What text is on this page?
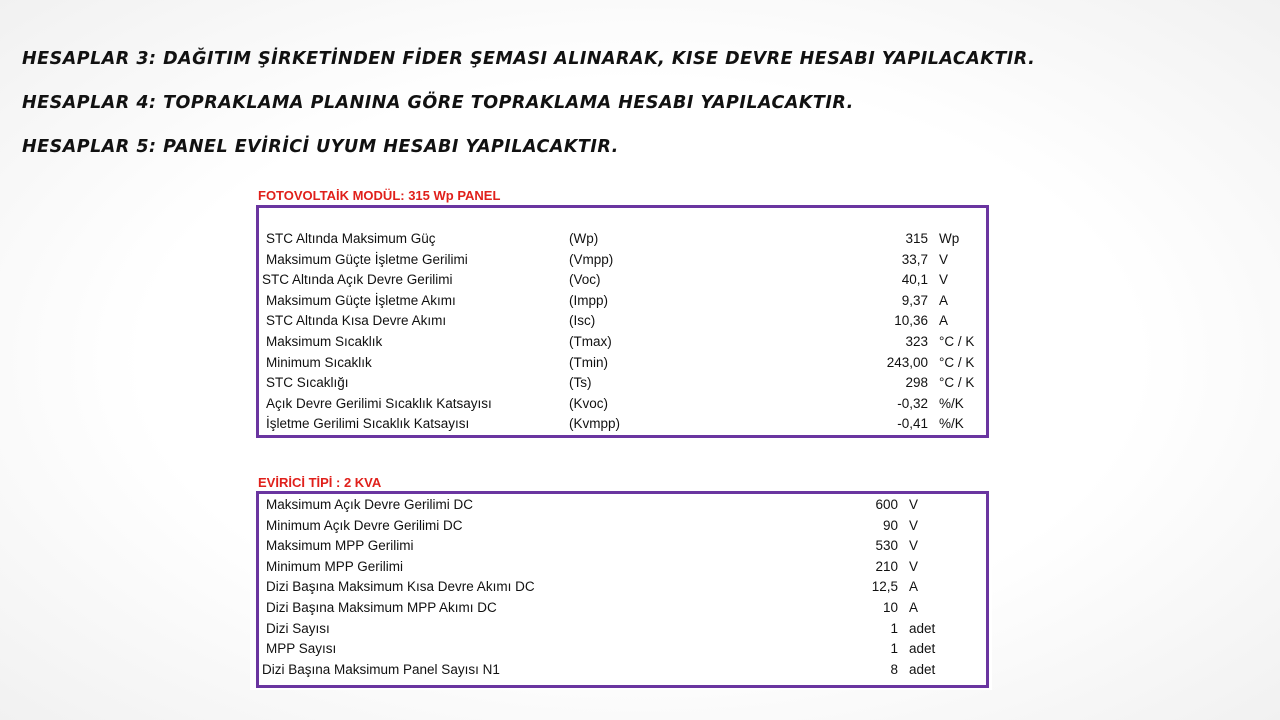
HESAPLAR 3: DAĞITIM ŞİRKETİNDEN FİDER ŞEMASI ALINARAK, KISE DEVRE HESABI YAPILACAKTIR.

HESAPLAR 4: TOPRAKLAMA PLANINA GÖRE TOPRAKLAMA HESABI YAPILACAKTIR.

HESAPLAR 5: PANEL EVİRİCİ UYUM HESABI YAPILACAKTIR.

FOTOVOLTAİK MODÜL: 315 Wp PANEL
STC Altında Maksimum Güç	(Wp)	315 Wp
Maksimum Güçte İşletme Gerilimi	(Vmpp)	33,7 V
STC Altında Açık Devre Gerilimi	(Voc)	40,1 V
Maksimum Güçte İşletme Akımı	(Impp)	9,37 A
STC Altında Kısa Devre Akımı	(Isc)	10,36 A
Maksimum Sıcaklık	(Tmax)	323 °C / K
Minimum Sıcaklık	(Tmin)	243,00 °C / K
STC Sıcaklığı	(Ts)	298 °C / K
Açık Devre Gerilimi Sıcaklık Katsayısı	(Kvoc)	-0,32 %/K
İşletme Gerilimi Sıcaklık Katsayısı	(Kvmpp)	-0,41 %/K
EVİRİCİ TİPİ : 2 KVA
Maksimum Açık Devre Gerilimi DC	600 V
Minimum Açık Devre Gerilimi DC	90 V
Maksimum MPP Gerilimi	530 V
Minimum MPP Gerilimi	210 V
Dizi Başına Maksimum Kısa Devre Akımı DC	12,5 A
Dizi Başına Maksimum MPP Akımı DC	10 A
Dizi Sayısı	1 adet
MPP Sayısı	1 adet
Dizi Başına Maksimum Panel Sayısı N1	8 adet
